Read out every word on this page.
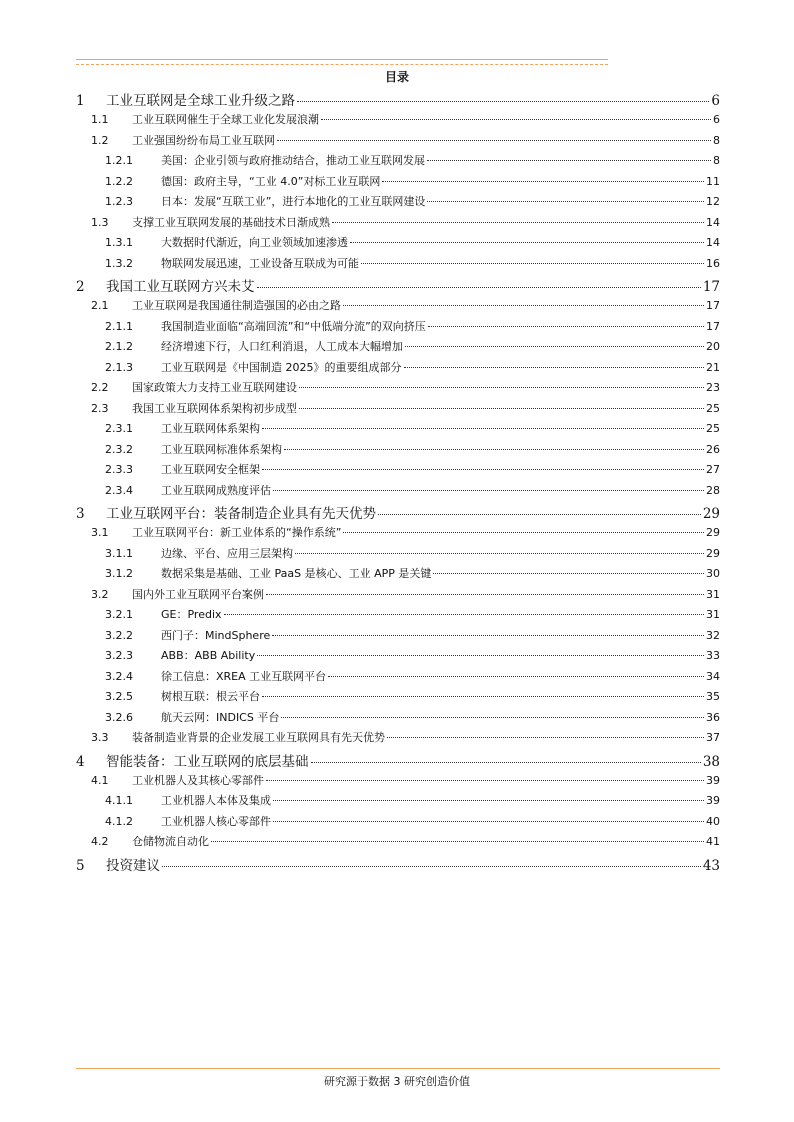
目录
1	工业互联网是全球工业升级之路	6
1.1	工业互联网催生于全球工业化发展浪潮	6
1.2	工业强国纷纷布局工业互联网	8
1.2.1	美国：企业引领与政府推动结合，推动工业互联网发展	8
1.2.2	德国：政府主导，“工业 4.0”对标工业互联网	11
1.2.3	日本：发展“互联工业”，进行本地化的工业互联网建设	12
1.3	支撑工业互联网发展的基础技术日渐成熟	14
1.3.1	大数据时代渐近，向工业领域加速渗透	14
1.3.2	物联网发展迅速，工业设备互联成为可能	16
2	我国工业互联网方兴未艾	17
2.1	工业互联网是我国通往制造强国的必由之路	17
2.1.1	我国制造业面临“高端回流”和“中低端分流”的双向挤压	17
2.1.2	经济增速下行，人口红利消退，人工成本大幅增加	20
2.1.3	工业互联网是《中国制造 2025》的重要组成部分	21
2.2	国家政策大力支持工业互联网建设	23
2.3	我国工业互联网体系架构初步成型	25
2.3.1	工业互联网体系架构	25
2.3.2	工业互联网标准体系架构	26
2.3.3	工业互联网安全框架	27
2.3.4	工业互联网成熟度评估	28
3	工业互联网平台：装备制造企业具有先天优势	29
3.1	工业互联网平台：新工业体系的“操作系统”	29
3.1.1	边缘、平台、应用三层架构	29
3.1.2	数据采集是基础、工业 PaaS 是核心、工业 APP 是关键	30
3.2	国内外工业互联网平台案例	31
3.2.1	GE：Predix	31
3.2.2	西门子：MindSphere	32
3.2.3	ABB：ABB Ability	33
3.2.4	徐工信息：XREA 工业互联网平台	34
3.2.5	树根互联：根云平台	35
3.2.6	航天云网：INDICS 平台	36
3.3	装备制造业背景的企业发展工业互联网具有先天优势	37
4	智能装备：工业互联网的底层基础	38
4.1	工业机器人及其核心零部件	39
4.1.1	工业机器人本体及集成	39
4.1.2	工业机器人核心零部件	40
4.2	仓储物流自动化	41
5	投资建议	43
研究源于数据 3 研究创造价值
